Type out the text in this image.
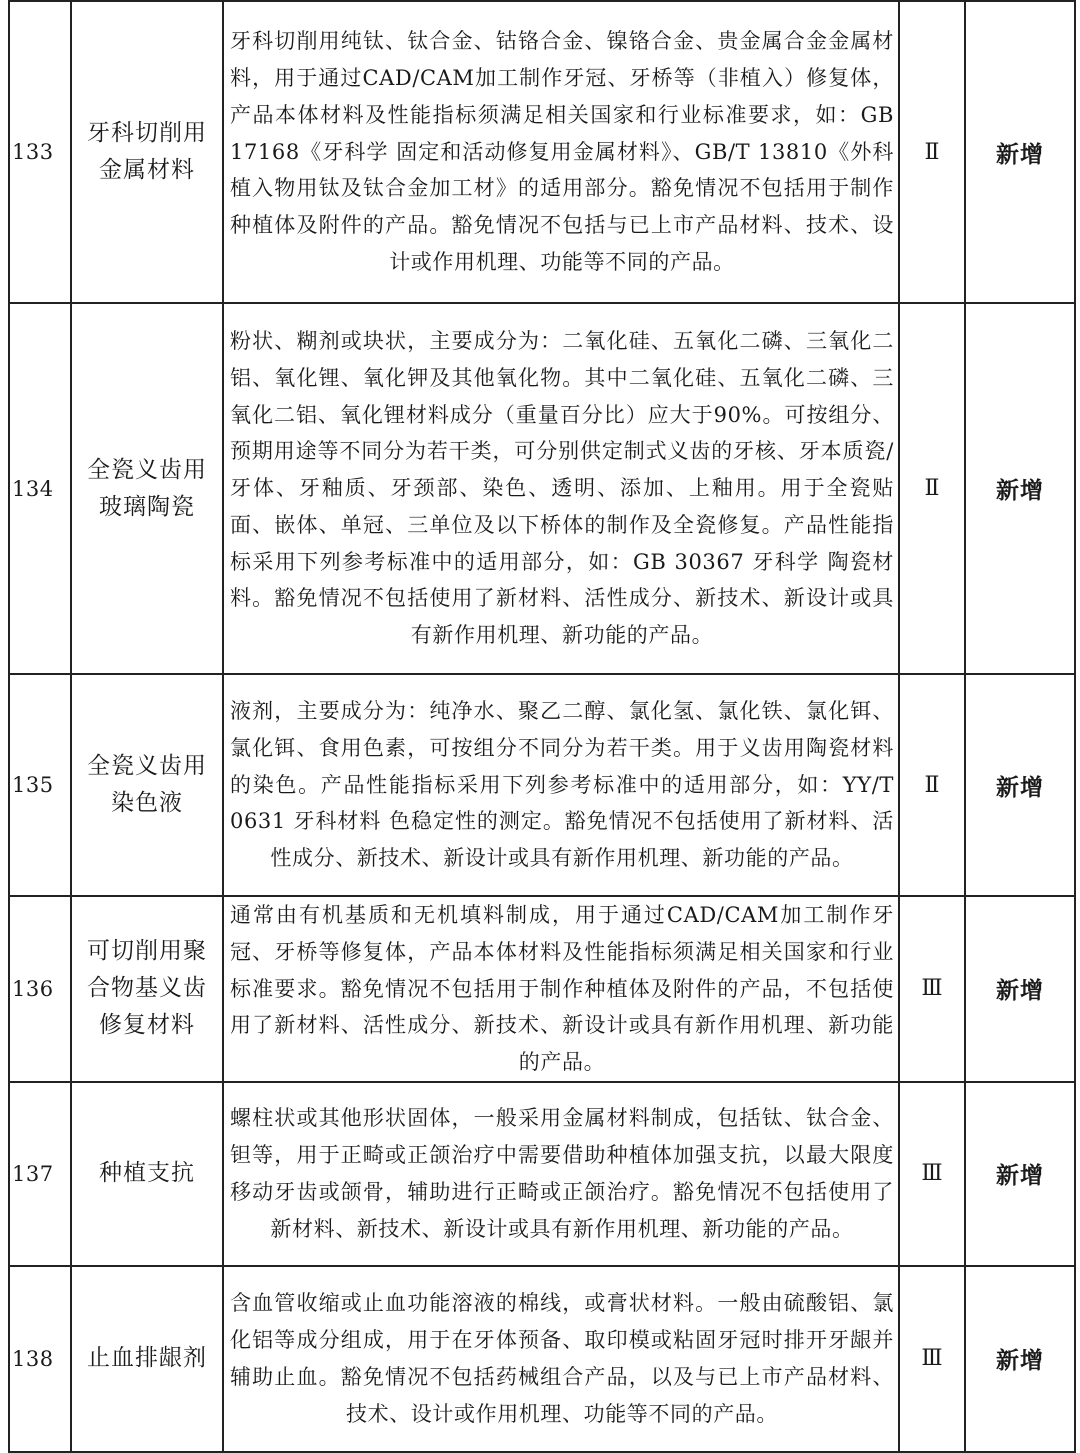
133	牙科切削用金属材料	牙科切削用纯钛、钛合金、钴铬合金、镍铬合金、贵金属合金金属材料，用于通过CAD/CAM加工制作牙冠、牙桥等（非植入）修复体，产品本体材料及性能指标须满足相关国家和行业标准要求，如：GB 17168《牙科学 固定和活动修复用金属材料》、GB/T 13810《外科植入物用钛及钛合金加工材》的适用部分。豁免情况不包括用于制作种植体及附件的产品。豁免情况不包括与已上市产品材料、技术、设计或作用机理、功能等不同的产品。	Ⅱ	新增
134	全瓷义齿用玻璃陶瓷	粉状、糊剂或块状，主要成分为：二氧化硅、五氧化二磷、三氧化二铝、氧化锂、氧化钾及其他氧化物。其中二氧化硅、五氧化二磷、三氧化二铝、氧化锂材料成分（重量百分比）应大于90%。可按组分、预期用途等不同分为若干类，可分别供定制式义齿的牙核、牙本质瓷/牙体、牙釉质、牙颈部、染色、透明、添加、上釉用。用于全瓷贴面、嵌体、单冠、三单位及以下桥体的制作及全瓷修复。产品性能指标采用下列参考标准中的适用部分，如：GB 30367 牙科学 陶瓷材料。豁免情况不包括使用了新材料、活性成分、新技术、新设计或具有新作用机理、新功能的产品。	Ⅱ	新增
135	全瓷义齿用染色液	液剂，主要成分为：纯净水、聚乙二醇、氯化氢、氯化铁、氯化铒、氯化铒、食用色素，可按组分不同分为若干类。用于义齿用陶瓷材料的染色。产品性能指标采用下列参考标准中的适用部分，如：YY/T 0631 牙科材料 色稳定性的测定。豁免情况不包括使用了新材料、活性成分、新技术、新设计或具有新作用机理、新功能的产品。	Ⅱ	新增
136	可切削用聚合物基义齿修复材料	通常由有机基质和无机填料制成，用于通过CAD/CAM加工制作牙冠、牙桥等修复体，产品本体材料及性能指标须满足相关国家和行业标准要求。豁免情况不包括用于制作种植体及附件的产品，不包括使用了新材料、活性成分、新技术、新设计或具有新作用机理、新功能的产品。	Ⅲ	新增
137	种植支抗	螺柱状或其他形状固体，一般采用金属材料制成，包括钛、钛合金、钽等，用于正畸或正颌治疗中需要借助种植体加强支抗，以最大限度移动牙齿或颌骨，辅助进行正畸或正颌治疗。豁免情况不包括使用了新材料、新技术、新设计或具有新作用机理、新功能的产品。	Ⅲ	新增
138	止血排龈剂	含血管收缩或止血功能溶液的棉线，或膏状材料。一般由硫酸铝、氯化铝等成分组成，用于在牙体预备、取印模或粘固牙冠时排开牙龈并辅助止血。豁免情况不包括药械组合产品，以及与已上市产品材料、技术、设计或作用机理、功能等不同的产品。	Ⅲ	新增
